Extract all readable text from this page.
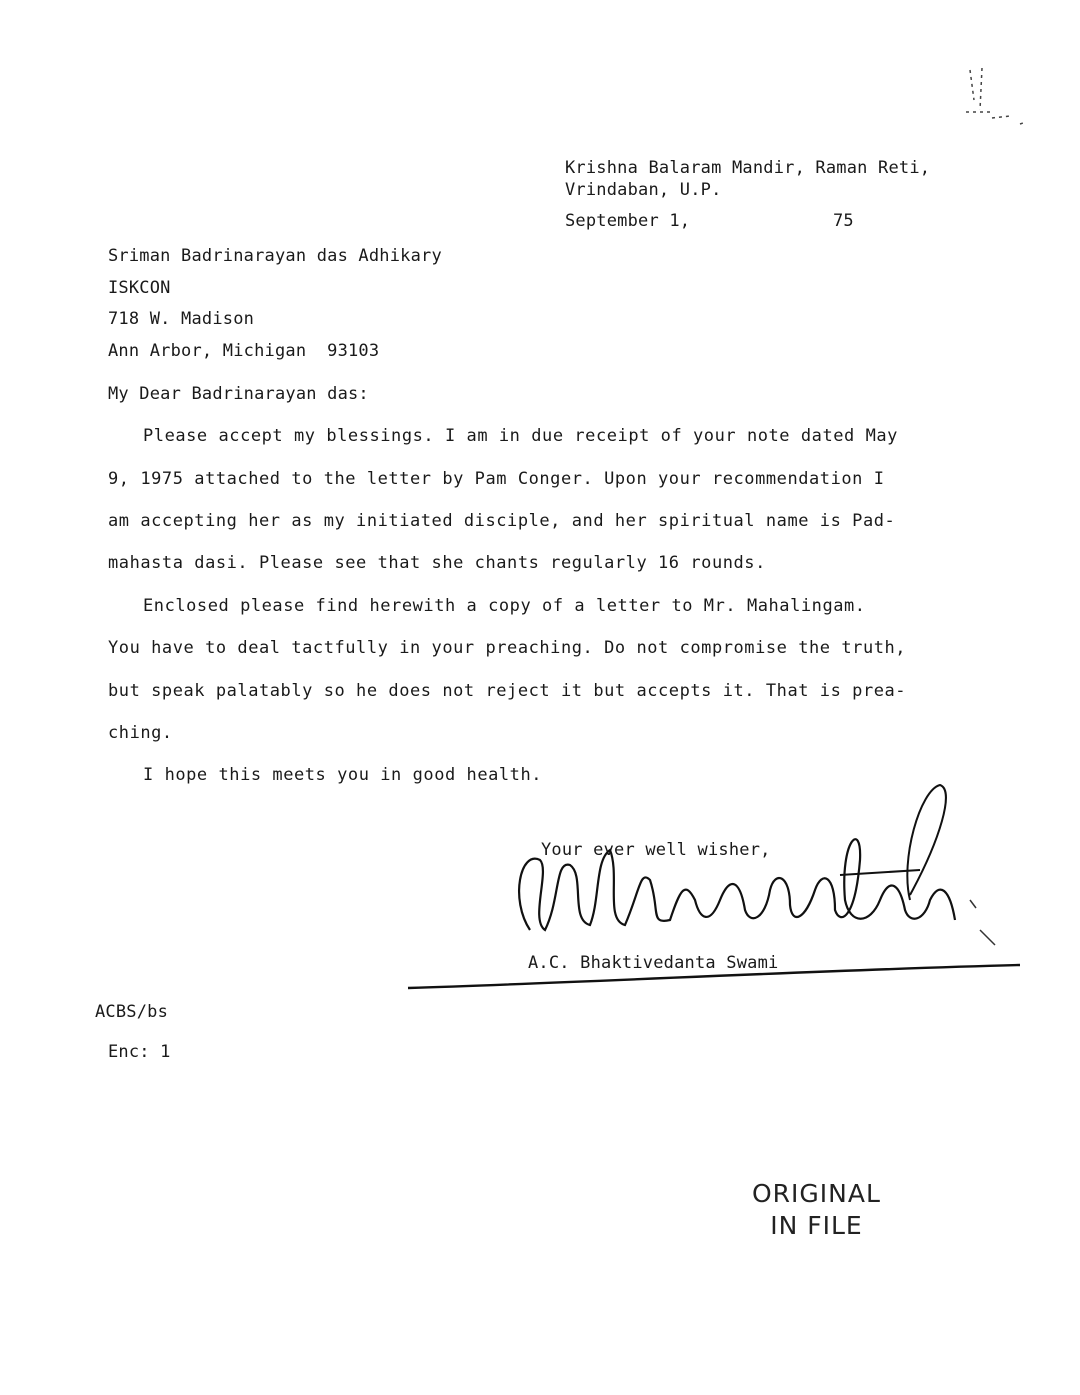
Krishna Balaram Mandir, Raman Reti,
Vrindaban, U.P.
September 1,	75
Sriman Badrinarayan das Adhikary
ISKCON
718 W. Madison
Ann Arbor, Michigan  93103
My Dear Badrinarayan das:
Please accept my blessings. I am in due receipt of your note dated May
9, 1975 attached to the letter by Pam Conger. Upon your recommendation I
am accepting her as my initiated disciple, and her spiritual name is Pad-
mahasta dasi. Please see that she chants regularly 16 rounds.
Enclosed please find herewith a copy of a letter to Mr. Mahalingam.
You have to deal tactfully in your preaching. Do not compromise the truth,
but speak palatably so he does not reject it but accepts it. That is prea-
ching.
I hope this meets you in good health.
Your ever well wisher,
A.C. Bhaktivedanta Swami
ACBS/bs
Enc: 1
ORIGINAL
IN FILE
